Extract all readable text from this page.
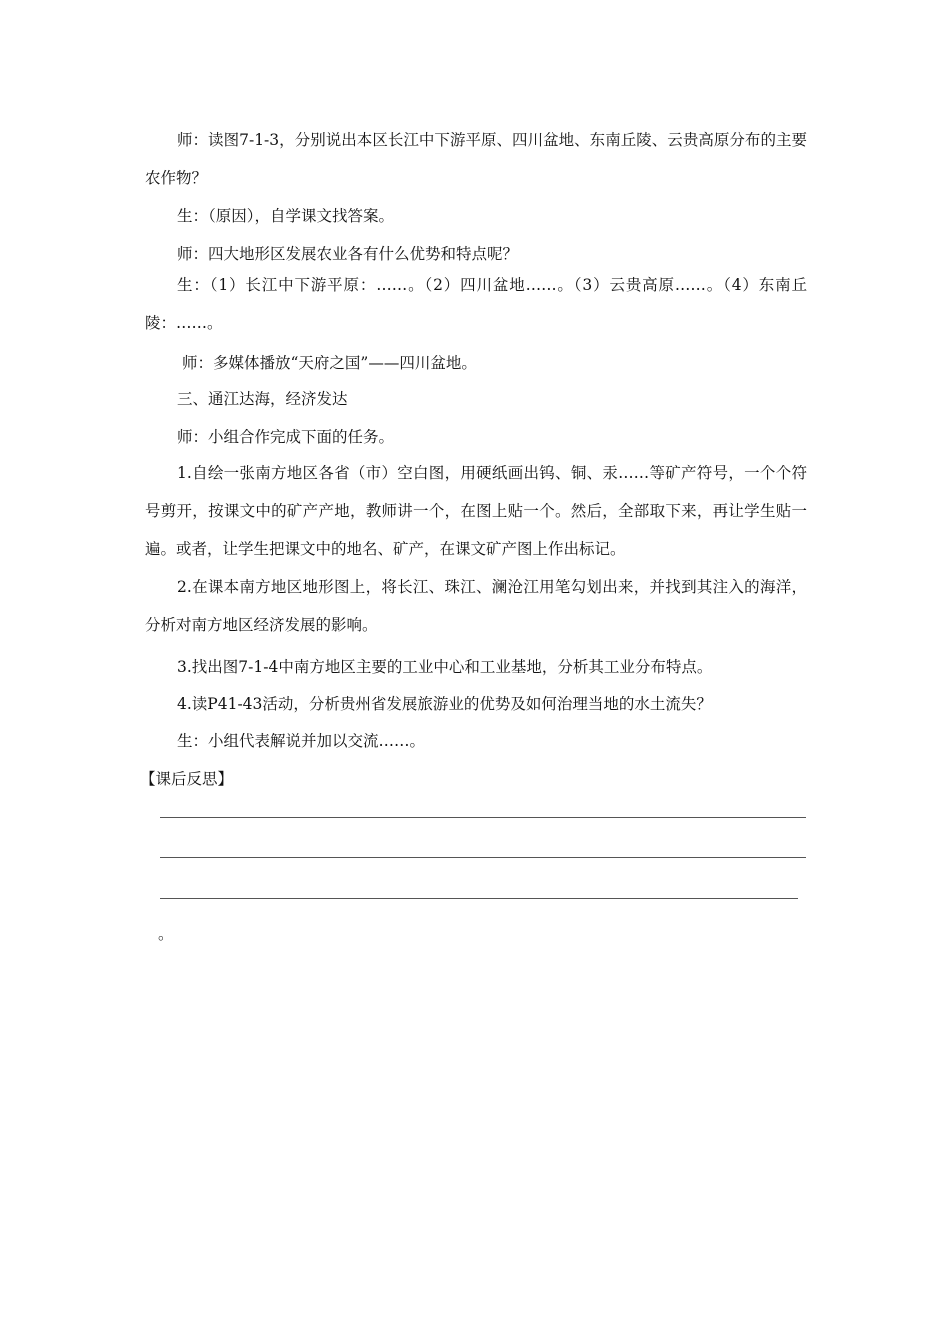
师：读图7-1-3，分别说出本区长江中下游平原、四川盆地、东南丘陵、云贵高原分布的主要农作物？

生：（原因），自学课文找答案。

师：四大地形区发展农业各有什么优势和特点呢？

生：（1）长江中下游平原：……。（2）四川盆地……。（3）云贵高原……。（4）东南丘陵：……。

师：多媒体播放“天府之国”——四川盆地。

三、通江达海，经济发达

师：小组合作完成下面的任务。

1.自绘一张南方地区各省（市）空白图，用硬纸画出钨、铜、汞……等矿产符号，一个个符号剪开，按课文中的矿产产地，教师讲一个，在图上贴一个。然后，全部取下来，再让学生贴一遍。或者，让学生把课文中的地名、矿产，在课文矿产图上作出标记。

2.在课本南方地区地形图上，将长江、珠江、澜沧江用笔勾划出来，并找到其注入的海洋，分析对南方地区经济发展的影响。

3.找出图7-1-4中南方地区主要的工业中心和工业基地，分析其工业分布特点。

4.读P41-43活动，分析贵州省发展旅游业的优势及如何治理当地的水土流失？

生：小组代表解说并加以交流……。

【课后反思】

。
